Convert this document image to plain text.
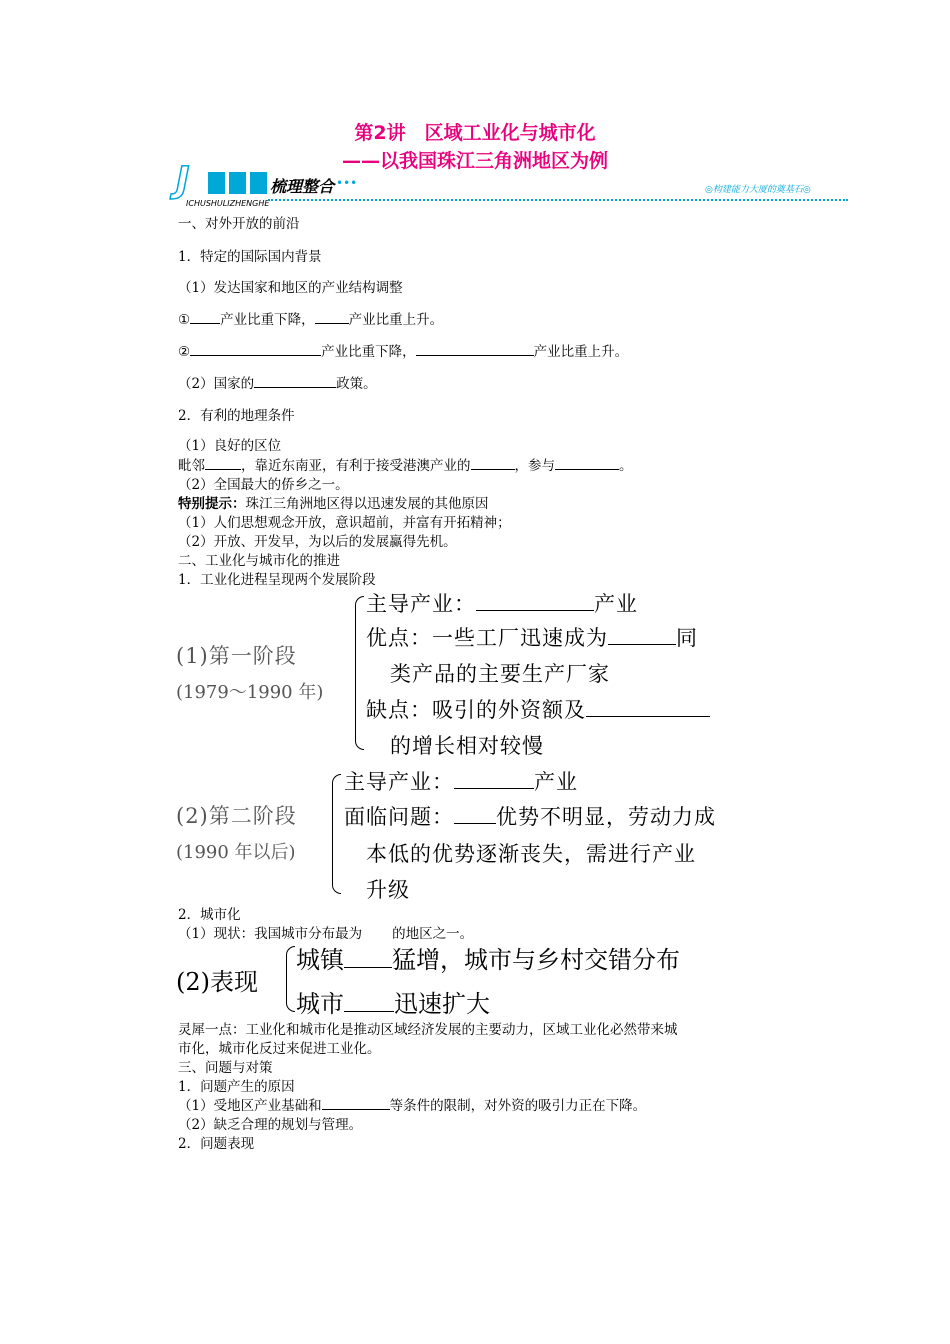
第2讲　区域工业化与城市化
——以我国珠江三角洲地区为例
J	梳理整合 •••
ICHUSHULIZHENGHE
◎构建能力大厦的奠基石◎
一、对外开放的前沿
1．特定的国际国内背景
（1）发达国家和地区的产业结构调整
① 产业比重下降，	产业比重上升。
②	产业比重下降，	产业比重上升。
（2）国家的	政策。
2．有利的地理条件
（1）良好的区位
毗邻	，靠近东南亚，有利于接受港澳产业的	，参与	。
（2）全国最大的侨乡之一。
特别提示：珠江三角洲地区得以迅速发展的其他原因
（1）人们思想观念开放，意识超前，并富有开拓精神；
（2）开放、开发早，为以后的发展赢得先机。
二、工业化与城市化的推进
1．工业化进程呈现两个发展阶段
(1)第一阶段
(1979～1990 年)
主导产业：	产业
优点：一些工厂迅速成为	同
类产品的主要生产厂家
缺点：吸引的外资额及
的增长相对较慢
(2)第二阶段
(1990 年以后)
主导产业：	产业
面临问题： 优势不明显，劳动力成
本低的优势逐渐丧失，需进行产业
升级
2．城市化
（1）现状：我国城市分布最为 的地区之一。
(2)表现
城镇 猛增，城市与乡村交错分布
城市 迅速扩大
灵犀一点：工业化和城市化是推动区域经济发展的主要动力，区域工业化必然带来城
市化，城市化反过来促进工业化。
三、问题与对策
1．问题产生的原因
（1）受地区产业基础和	等条件的限制，对外资的吸引力正在下降。
（2）缺乏合理的规划与管理。
2．问题表现
